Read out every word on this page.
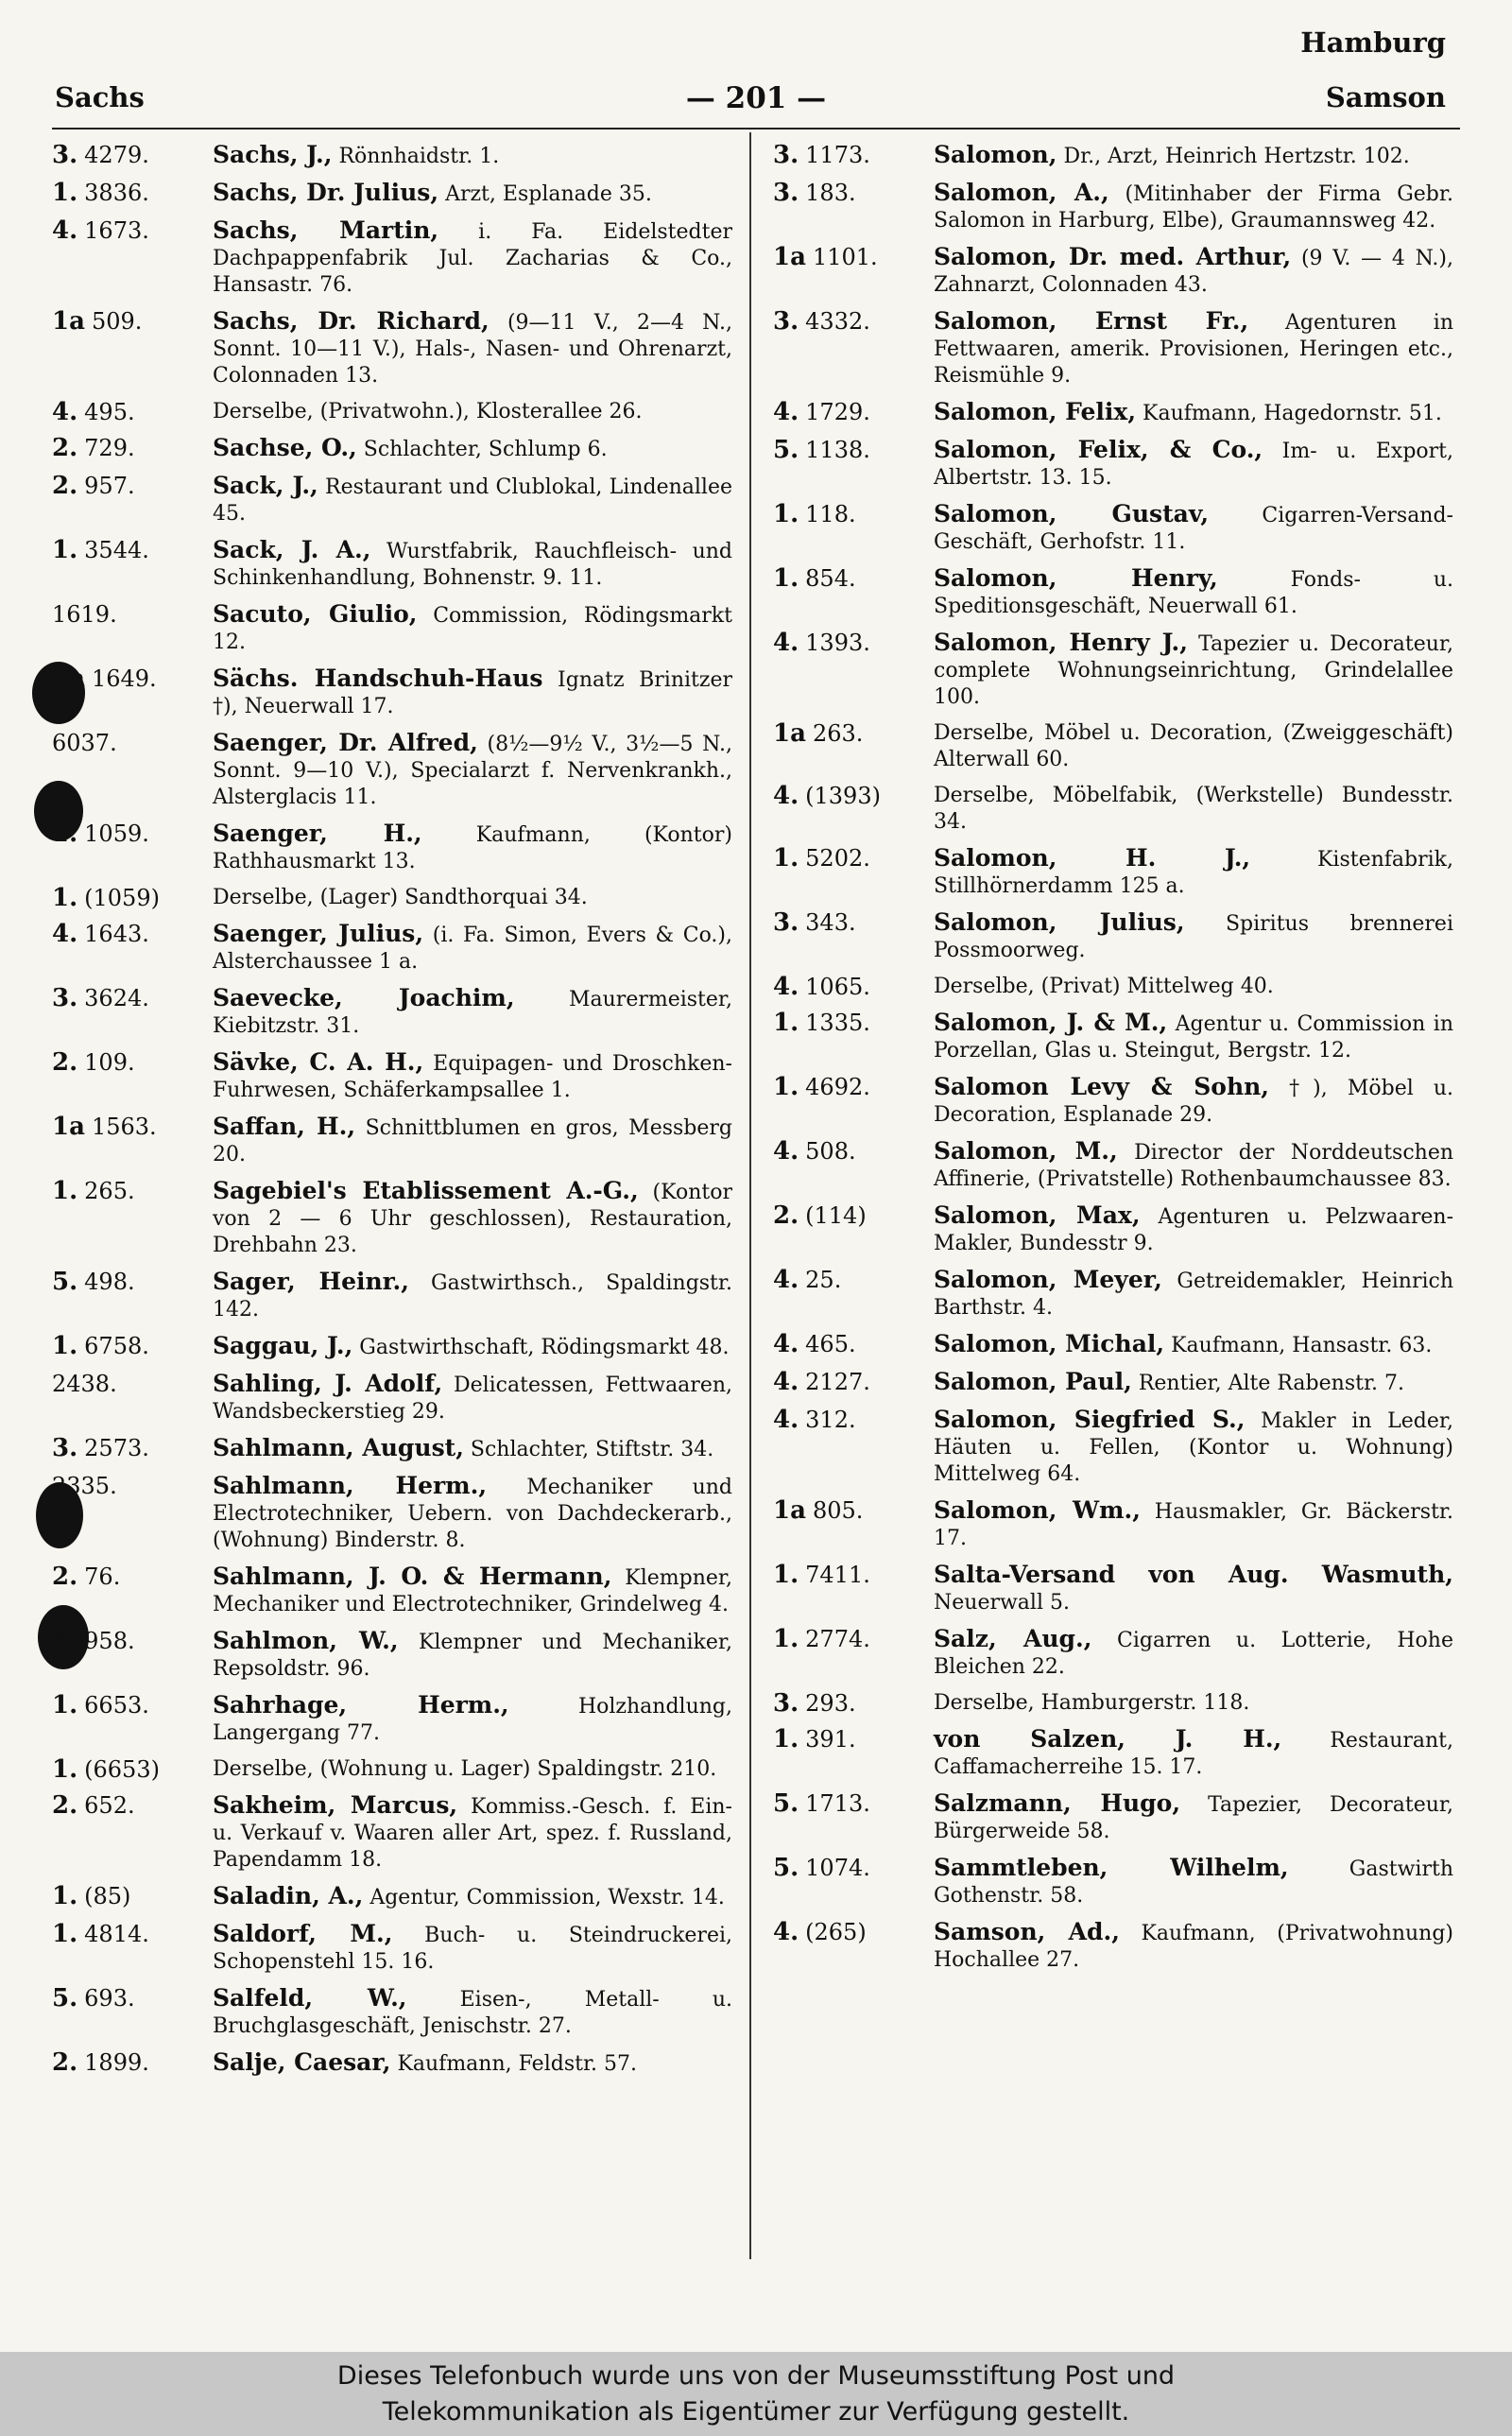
Hamburg
Sachs	— 201 —	Samson
3. 4279.	Sachs, J., Rönnhaidstr. 1.
1. 3836.	Sachs, Dr. Julius, Arzt, Esplanade 35.
4. 1673.	Sachs, Martin, i. Fa. Eidelstedter Dachpappenfabrik Jul. Zacharias & Co., Hansastr. 76.
1a 509.	Sachs, Dr. Richard, (9—11 V., 2—4 N., Sonnt. 10—11 V.), Hals-, Nasen- und Ohrenarzt, Colonnaden 13.
4. 495.	Derselbe, (Privatwohn.), Klosterallee 26.
2. 729.	Sachse, O., Schlachter, Schlump 6.
2. 957.	Sack, J., Restaurant und Clublokal, Lindenallee 45.
1. 3544.	Sack, J. A., Wurstfabrik, Rauchfleisch- und Schinkenhandlung, Bohnenstr. 9. 11.
1619.	Sacuto, Giulio, Commission, Rödingsmarkt 12.
1a 1649. Sächs. Handschuh-Haus Ignatz Brinitzer †), Neuerwall 17.
6037.	Saenger, Dr. Alfred, (8½—9½ V., 3½—5 N., Sonnt. 9—10 V.), Specialarzt f. Nervenkrankh., Alsterglacis 11.
1. 1059.	Saenger, H.,	Kaufmann, (Kontor) Rathhausmarkt 13.
1. (1059)	Derselbe, (Lager) Sandthorquai 34.
4. 1643.	Saenger, Julius, (i. Fa. Simon, Evers & Co.), Alsterchaussee 1 a.
3. 3624.	Saevecke, Joachim,	Maurermeister, Kiebitzstr. 31.
2. 109.	Sävke, C. A. H., Equipagen- und Droschken-Fuhrwesen, Schäferkampsallee 1.
1a 1563. Saffan, H., Schnittblumen en gros, Messberg 20.
1. 265.	Sagebiel's Etablissement A.-G., (Kontor von 2 — 6 Uhr geschlossen), Restauration, Drehbahn 23.
5. 498.	Sager, Heinr., Gastwirthsch., Spaldingstr. 142.
1. 6758.	Saggau, J., Gastwirthschaft, Rödingsmarkt 48.
2438.	Sahling, J. Adolf, Delicatessen, Fettwaaren, Wandsbeckerstieg 29.
3. 2573.	Sahlmann, August, Schlachter, Stiftstr. 34.
2335.	Sahlmann, Herm., Mechaniker und Electrotechniker, Uebern. von Dachdeckerarb., (Wohnung) Binderstr. 8.
2. 76.	Sahlmann, J. O. & Hermann, Klempner, Mechaniker und Electrotechniker, Grindelweg 4.
5. 958.	Sahlmon, W., Klempner und Mechaniker, Repsoldstr. 96.
1. 6653.	Sahrhage, Herm.,	Holzhandlung, Langergang 77.
1. (6653)	Derselbe, (Wohnung u. Lager) Spaldingstr. 210.
2. 652.	Sakheim, Marcus, Kommiss.-Gesch. f. Ein- u. Verkauf v. Waaren aller Art, spez. f. Russland, Papendamm 18.
1. (85)	Saladin, A., Agentur, Commission, Wexstr. 14.
1. 4814.	Saldorf, M., Buch- u. Steindruckerei, Schopenstehl 15. 16.
5. 693.	Salfeld, W.,	Eisen-, Metall- u. Bruchglasgeschäft, Jenischstr. 27.
2. 1899.	Salje, Caesar, Kaufmann, Feldstr. 57.
3. 1173.	Salomon, Dr., Arzt, Heinrich Hertzstr. 102.
3. 183.	Salomon, A., (Mitinhaber der Firma Gebr. Salomon in Harburg, Elbe), Graumannsweg 42.
1a 1101. Salomon, Dr. med. Arthur, (9 V. — 4 N.), Zahnarzt, Colonnaden 43.
3. 4332.	Salomon, Ernst Fr., Agenturen in Fettwaaren, amerik. Provisionen, Heringen etc., Reismühle 9.
4. 1729.	Salomon, Felix, Kaufmann, Hagedornstr. 51.
5. 1138.	Salomon, Felix, & Co., Im- u. Export, Albertstr. 13. 15.
1. 118.	Salomon, Gustav,	Cigarren-Versand-Geschäft, Gerhofstr. 11.
1. 854.	Salomon, Henry,	Fonds- u. Speditionsgeschäft, Neuerwall 61.
4. 1393.	Salomon, Henry J., Tapezier u. Decorateur, complete Wohnungseinrichtung, Grindelallee 100.
1a 263.	Derselbe, Möbel u. Decoration, (Zweiggeschäft) Alterwall 60.
4. (1393)	Derselbe, Möbelfabik, (Werkstelle) Bundesstr. 34.
1. 5202.	Salomon, H. J.,	Kistenfabrik, Stillhörnerdamm 125 a.
3. 343.	Salomon, Julius, Spiritus brennerei Possmoorweg.
4. 1065.	Derselbe, (Privat) Mittelweg 40.
1. 1335.	Salomon, J. & M., Agentur u. Commission in Porzellan, Glas u. Steingut, Bergstr. 12.
1. 4692.	Salomon Levy & Sohn, †), Möbel u. Decoration, Esplanade 29.
4. 508.	Salomon, M., Director der Norddeutschen Affinerie, (Privatstelle) Rothenbaumchaussee 83.
2. (114)	Salomon, Max, Agenturen u. Pelzwaaren-Makler, Bundesstr 9.
4. 25.	Salomon, Meyer, Getreidemakler, Heinrich Barthstr. 4.
4. 465.	Salomon, Michal, Kaufmann, Hansastr. 63.
4. 2127.	Salomon, Paul, Rentier, Alte Rabenstr. 7.
4. 312.	Salomon, Siegfried S., Makler in Leder, Häuten u. Fellen, (Kontor u. Wohnung) Mittelweg 64.
1a 805.	Salomon, Wm., Hausmakler, Gr. Bäckerstr. 17.
1. 7411.	Salta-Versand von Aug. Wasmuth, Neuerwall 5.
1. 2774.	Salz, Aug., Cigarren u. Lotterie, Hohe Bleichen 22.
3. 293.	Derselbe, Hamburgerstr. 118.
1. 391.	von Salzen, J. H., Restaurant, Caffamacherreihe 15. 17.
5. 1713.	Salzmann, Hugo, Tapezier, Decorateur, Bürgerweide 58.
5. 1074.	Sammtleben, Wilhelm,	Gastwirth Gothenstr. 58.
4. (265)	Samson, Ad., Kaufmann, (Privatwohnung) Hochallee 27.
Dieses Telefonbuch wurde uns von der Museumsstiftung Post und
Telekommunikation als Eigentümer zur Verfügung gestellt.
